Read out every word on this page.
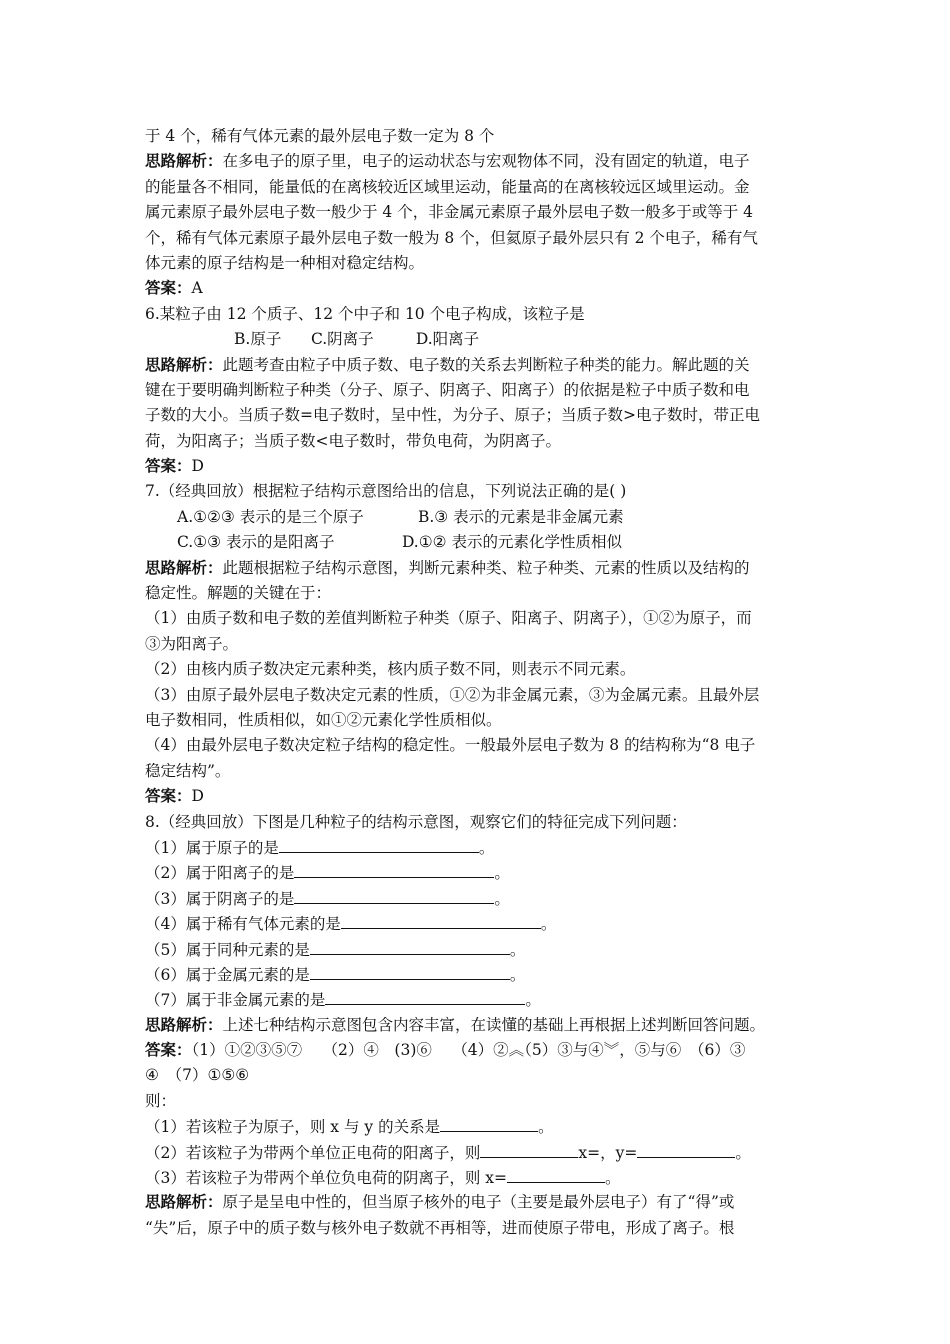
于 4 个，稀有气体元素的最外层电子数一定为 8 个
思路解析：在多电子的原子里，电子的运动状态与宏观物体不同，没有固定的轨道，电子
的能量各不相同，能量低的在离核较近区域里运动，能量高的在离核较远区域里运动。金
属元素原子最外层电子数一般少于 4 个，非金属元素原子最外层电子数一般多于或等于 4
个，稀有气体元素原子最外层电子数一般为 8 个，但氦原子最外层只有 2 个电子，稀有气
体元素的原子结构是一种相对稳定结构。
答案：A
6.某粒子由 12 个质子、12 个中子和 10 个电子构成，该粒子是
B.原子 C.阴离子	D.阳离子
思路解析：此题考查由粒子中质子数、电子数的关系去判断粒子种类的能力。解此题的关
键在于要明确判断粒子种类（分子、原子、阴离子、阳离子）的依据是粒子中质子数和电
子数的大小。当质子数=电子数时，呈中性，为分子、原子；当质子数>电子数时，带正电
荷，为阳离子；当质子数<电子数时，带负电荷，为阴离子。
答案：D
7.（经典回放）根据粒子结构示意图给出的信息，下列说法正确的是( )
A.①②③ 表示的是三个原子	B.③ 表示的元素是非金属元素
C.①③ 表示的是阳离子	D.①② 表示的元素化学性质相似
思路解析：此题根据粒子结构示意图，判断元素种类、粒子种类、元素的性质以及结构的
稳定性。解题的关键在于：
（1）由质子数和电子数的差值判断粒子种类（原子、阳离子、阴离子），①②为原子，而
③为阳离子。
（2）由核内质子数决定元素种类，核内质子数不同，则表示不同元素。
（3）由原子最外层电子数决定元素的性质，①②为非金属元素，③为金属元素。且最外层
电子数相同，性质相似，如①②元素化学性质相似。
（4）由最外层电子数决定粒子结构的稳定性。一般最外层电子数为 8 的结构称为“8 电子
稳定结构”。
答案：D
8.（经典回放）下图是几种粒子的结构示意图，观察它们的特征完成下列问题：
（1）属于原子的是	。
（2）属于阳离子的是	。
（3）属于阴离子的是	。
（4）属于稀有气体元素的是	。
（5）属于同种元素的是	。
（6）属于金属元素的是	。
（7）属于非金属元素的是	。
思路解析：上述七种结构示意图包含内容丰富，在读懂的基础上再根据上述判断回答问题。
答案：（1）①②③⑤⑦　 （2）④　(3)⑥　 （4）②︽（5）③与④︾，⑤与⑥　（6）③
④　（7）①⑤⑥
则：
（1）若该粒子为原子，则 x 与 y 的关系是	。
（2）若该粒子为带两个单位正电荷的阳离子，则	x=，y=	。
（3）若该粒子为带两个单位负电荷的阴离子，则 x=	。
思路解析：原子是呈电中性的，但当原子核外的电子（主要是最外层电子）有了“得”或
“失”后，原子中的质子数与核外电子数就不再相等，进而使原子带电，形成了离子。根
